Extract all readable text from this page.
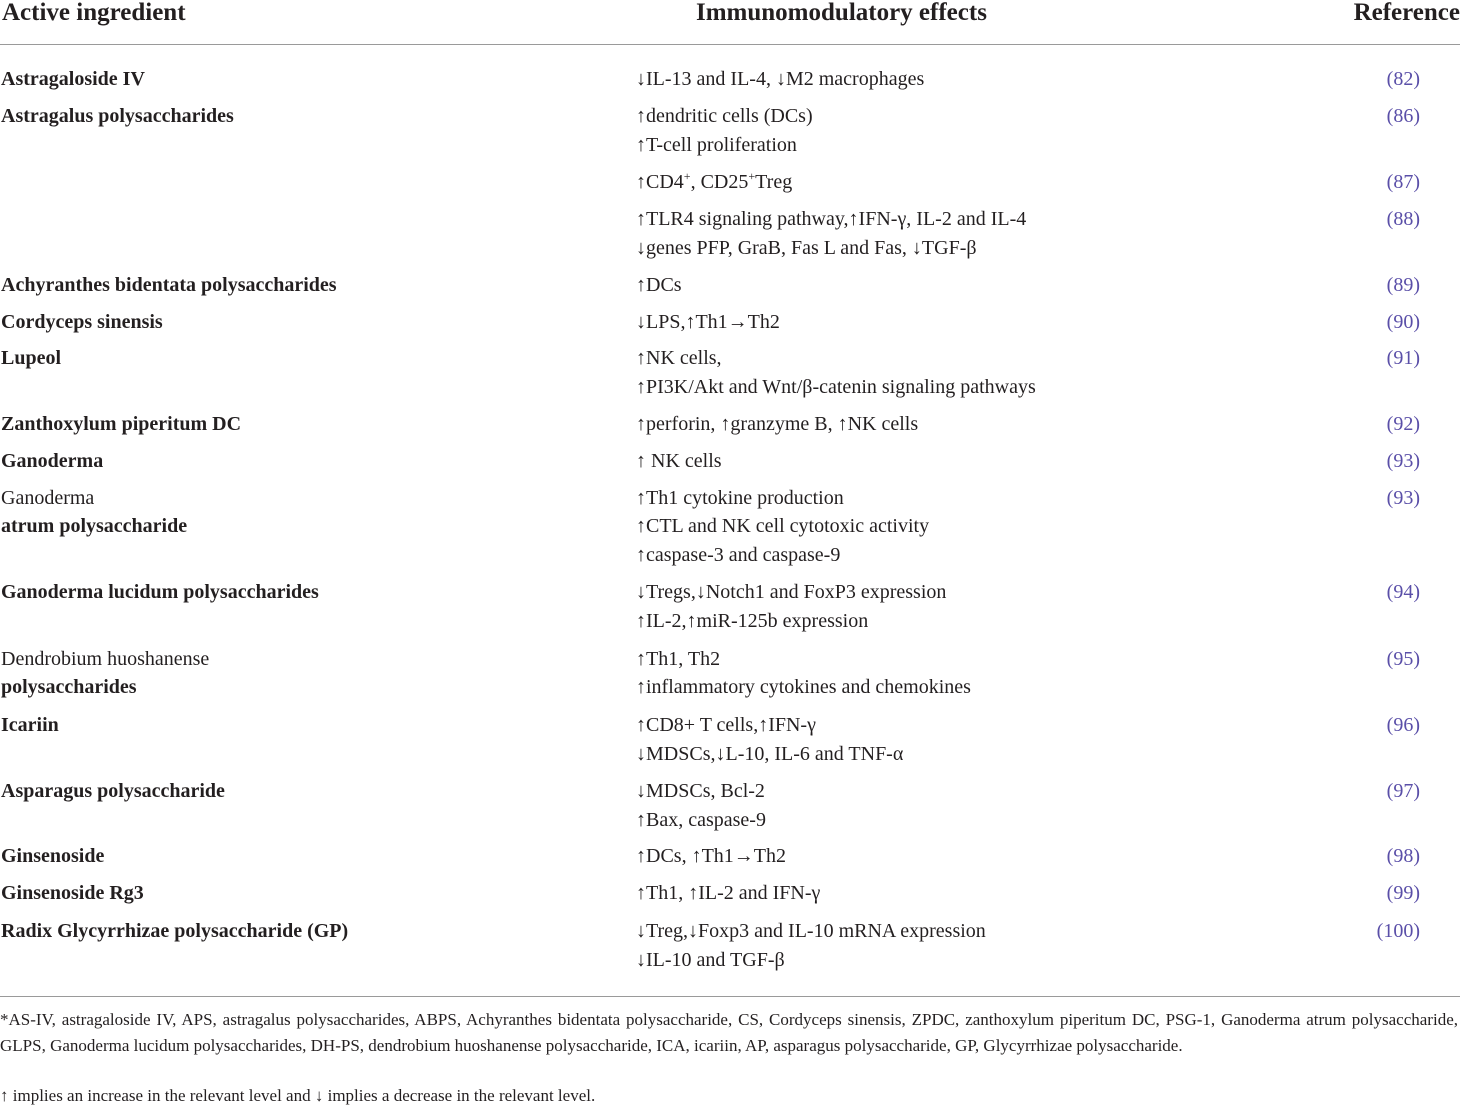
Active ingredient	Immunomodulatory effects	Reference

Astragaloside IV	↓IL-13 and IL-4, ↓M2 macrophages	(82)

Astragalus polysaccharides	↑dendritic cells (DCs)
↑T-cell proliferation	(86)

	↑CD4+, CD25+Treg	(87)

	↑TLR4 signaling pathway,↑IFN-γ, IL-2 and IL-4
↓genes PFP, GraB, Fas L and Fas, ↓TGF-β	(88)

Achyranthes bidentata polysaccharides	↑DCs	(89)

Cordyceps sinensis	↓LPS,↑Th1→Th2	(90)

Lupeol	↑NK cells,
↑PI3K/Akt and Wnt/β-catenin signaling pathways	(91)

Zanthoxylum piperitum DC	↑perforin, ↑granzyme B, ↑NK cells	(92)

Ganoderma	↑ NK cells	(93)

Ganoderma
atrum polysaccharide	↑Th1 cytokine production
↑CTL and NK cell cytotoxic activity
↑caspase-3 and caspase-9	(93)

Ganoderma lucidum polysaccharides	↓Tregs,↓Notch1 and FoxP3 expression
↑IL-2,↑miR-125b expression	(94)

Dendrobium huoshanense
polysaccharides	↑Th1, Th2
↑inflammatory cytokines and chemokines	(95)

Icariin	↑CD8+ T cells,↑IFN-γ
↓MDSCs,↓L-10, IL-6 and TNF-α	(96)

Asparagus polysaccharide	↓MDSCs, Bcl-2
↑Bax, caspase-9	(97)

Ginsenoside	↑DCs, ↑Th1→Th2	(98)

Ginsenoside Rg3	↑Th1, ↑IL-2 and IFN-γ	(99)

Radix Glycyrrhizae polysaccharide (GP)	↓Treg,↓Foxp3 and IL-10 mRNA expression
↓IL-10 and TGF-β	(100)
*AS-IV, astragaloside IV, APS, astragalus polysaccharides, ABPS, Achyranthes bidentata polysaccharide, CS, Cordyceps sinensis, ZPDC, zanthoxylum piperitum DC, PSG-1, Ganoderma atrum polysaccharide, GLPS, Ganoderma lucidum polysaccharides, DH-PS, dendrobium huoshanense polysaccharide, ICA, icariin, AP, asparagus polysaccharide, GP, Glycyrrhizae polysaccharide.
↑ implies an increase in the relevant level and ↓ implies a decrease in the relevant level.
